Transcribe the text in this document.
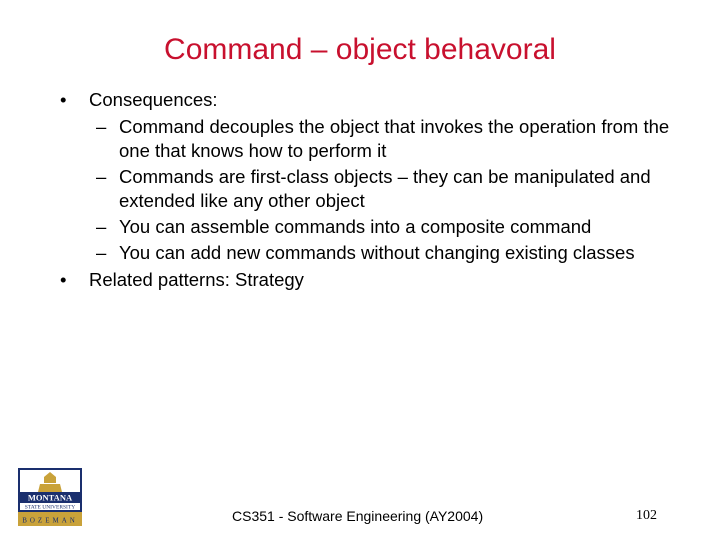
Command – object behavoral
• Consequences:
– Command decouples the object that invokes the operation from the one that knows how to perform it
– Commands are first-class objects – they can be manipulated and extended like any other object
– You can assemble commands into a composite command
– You can add new commands without changing existing classes
• Related patterns: Strategy
MONTANA
STATE UNIVERSITY
BOZEMAN	CS351 - Software Engineering (AY2004)	102
